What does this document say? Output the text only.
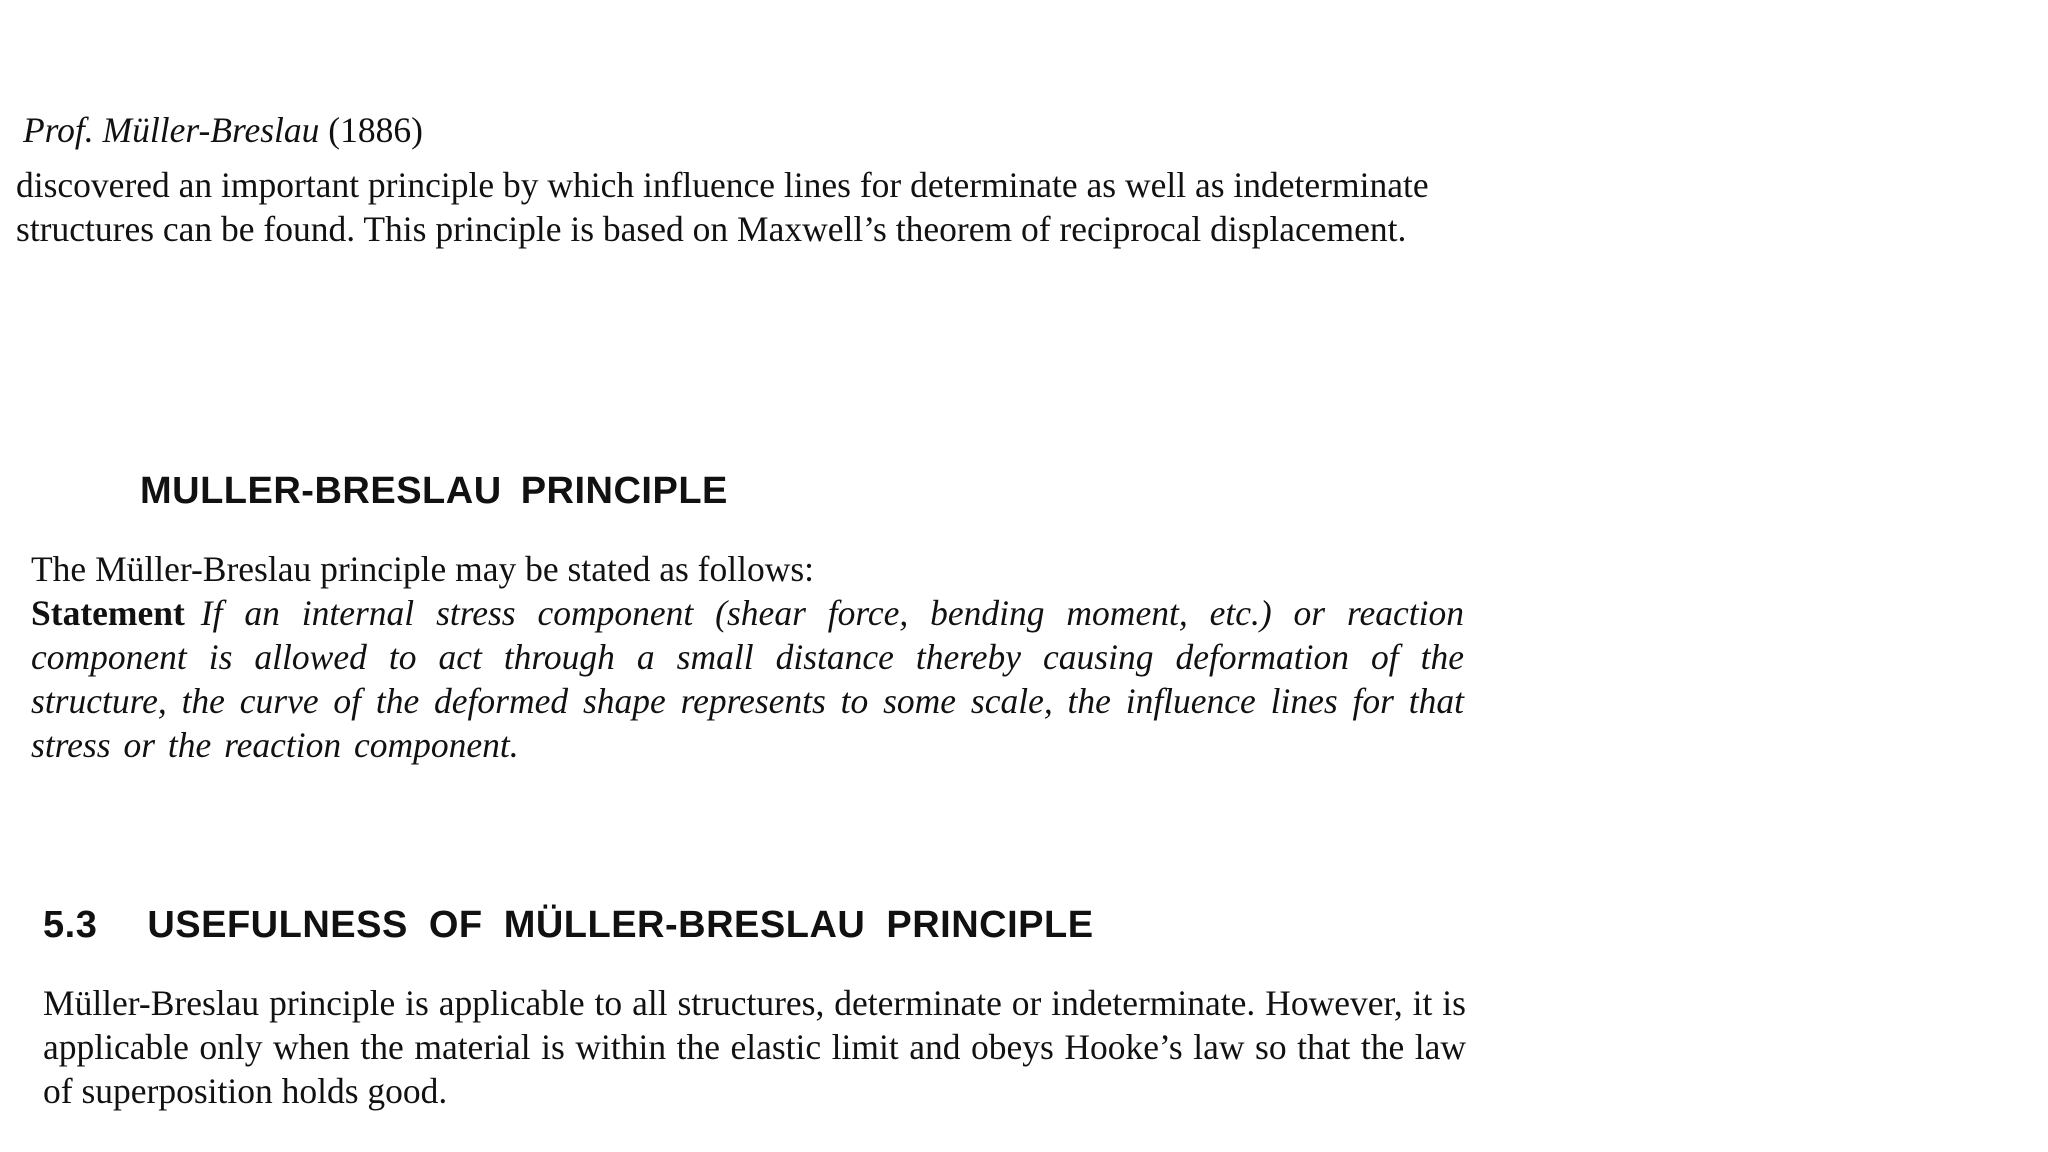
Prof. Müller-Breslau (1886)
discovered an important principle by which influence lines for determinate as well as indeterminate
structures can be found. This principle is based on Maxwell’s theorem of reciprocal displacement.
MULLER-BRESLAU PRINCIPLE
The Müller-Breslau principle may be stated as follows:
Statement If an internal stress component (shear force, bending moment, etc.) or reaction component is allowed to act through a small distance thereby causing deformation of the structure, the curve of the deformed shape represents to some scale, the influence lines for that stress or the reaction component.
5.3 USEFULNESS OF MÜLLER-BRESLAU PRINCIPLE
Müller-Breslau principle is applicable to all structures, determinate or indeterminate. However, it is applicable only when the material is within the elastic limit and obeys Hooke’s law so that the law of superposition holds good.
